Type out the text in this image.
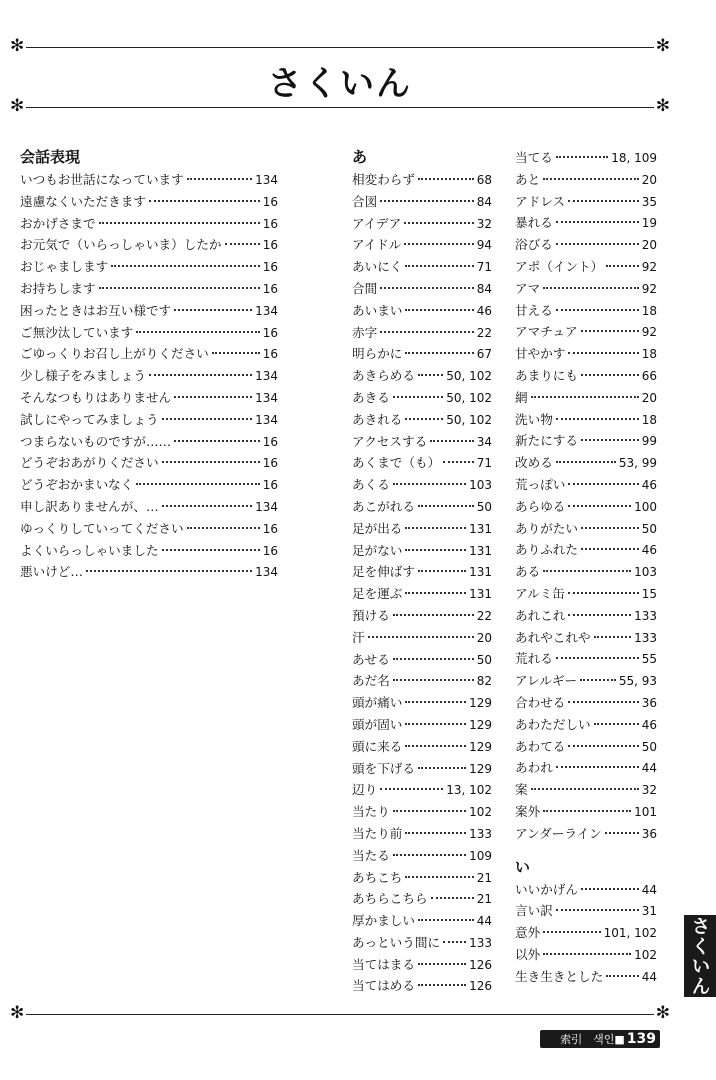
✻	✻
✻	✻
✻	✻
さくいん
会話表現
いつもお世話になっています	134
遠慮なくいただきます	16
おかげさまで	16
お元気で（いらっしゃいま）したか	16
おじゃまします	16
お持ちします	16
困ったときはお互い様です	134
ご無沙汰しています	16
ごゆっくりお召し上がりください	16
少し様子をみましょう	134
そんなつもりはありません	134
試しにやってみましょう	134
つまらないものですが……	16
どうぞおあがりください	16
どうぞおかまいなく	16
申し訳ありませんが、…	134
ゆっくりしていってください	16
よくいらっしゃいました	16
悪いけど…	134
あ
相変わらず	68
合図	84
アイデア	32
アイドル	94
あいにく	71
合間	84
あいまい	46
赤字	22
明らかに	67
あきらめる	50, 102
あきる	50, 102
あきれる	50, 102
アクセスする	34
あくまで（も）	71
あくる	103
あこがれる	50
足が出る	131
足がない	131
足を伸ばす	131
足を運ぶ	131
預ける	22
汗	20
あせる	50
あだ名	82
頭が痛い	129
頭が固い	129
頭に来る	129
頭を下げる	129
辺り	13, 102
当たり	102
当たり前	133
当たる	109
あちこち	21
あちらこちら	21
厚かましい	44
あっという間に 133
当てはまる	126
当てはめる	126
当てる	18, 109
あと	20
アドレス	35
暴れる	19
浴びる	20
アポ（イント）	92
アマ	92
甘える	18
アマチュア	92
甘やかす	18
あまりにも	66
網	20
洗い物	18
新たにする	99
改める	53, 99
荒っぽい	46
あらゆる	100
ありがたい	50
ありふれた	46
ある	103
アルミ缶	15
あれこれ	133
あれやこれや	133
荒れる	55
アレルギー	55, 93
合わせる	36
あわただしい	46
あわてる	50
あわれ	44
案	32
案外	101
アンダーライン	36
い
いいかげん	44
言い訳	31
意外	101, 102
以外	102
生き生きとした	44 さくいん
索引　색인■ 139
